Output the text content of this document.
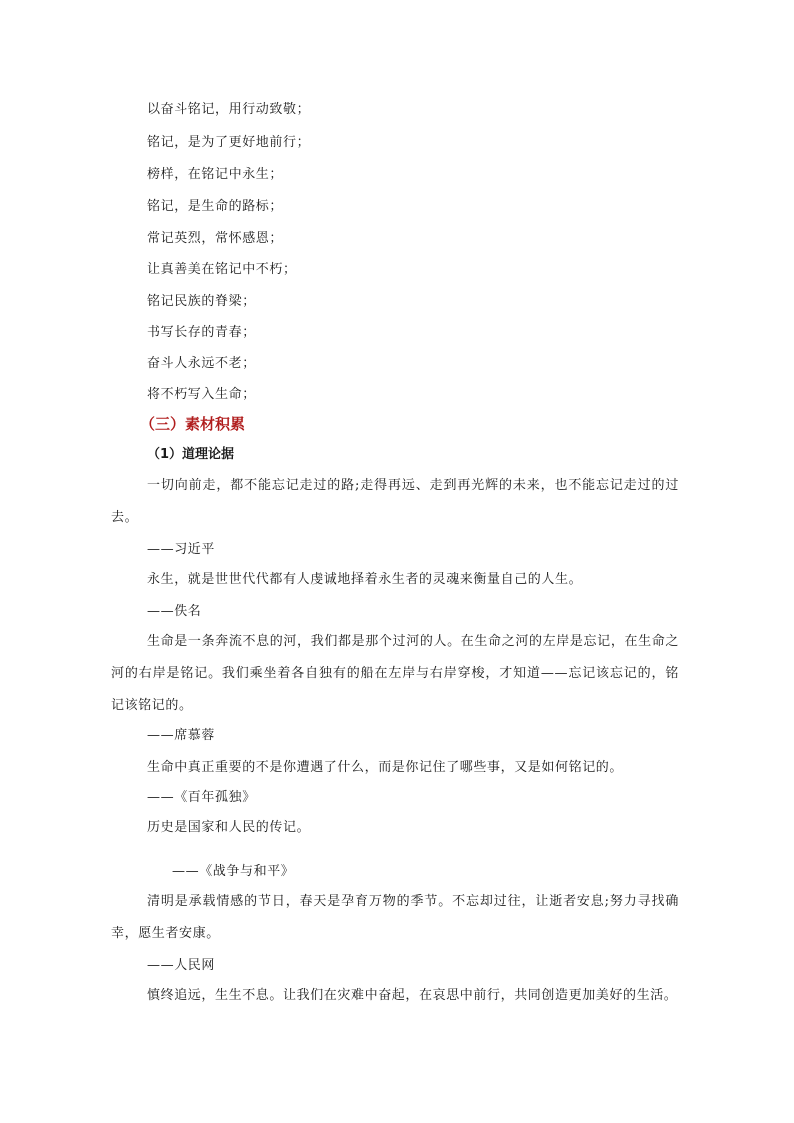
以奋斗铭记，用行动致敬；
铭记，是为了更好地前行；
榜样，在铭记中永生；
铭记，是生命的路标；
常记英烈，常怀感恩；
让真善美在铭记中不朽；
铭记民族的脊梁；
书写长存的青春；
奋斗人永远不老；
将不朽写入生命；
（三）素材积累
（1）道理论据
一切向前走，都不能忘记走过的路;走得再远、走到再光辉的未来，也不能忘记走过的过去。
——习近平
永生，就是世世代代都有人虔诚地择着永生者的灵魂来衡量自己的人生。
——佚名
生命是一条奔流不息的河，我们都是那个过河的人。在生命之河的左岸是忘记，在生命之河的右岸是铭记。我们乘坐着各自独有的船在左岸与右岸穿梭，才知道——忘记该忘记的，铭记该铭记的。
——席慕蓉
生命中真正重要的不是你遭遇了什么，而是你记住了哪些事，又是如何铭记的。
——《百年孤独》
历史是国家和人民的传记。
——《战争与和平》
清明是承载情感的节日，春天是孕育万物的季节。不忘却过往，让逝者安息;努力寻找确幸，愿生者安康。
——人民网
慎终追远，生生不息。让我们在灾难中奋起，在哀思中前行，共同创造更加美好的生活。
